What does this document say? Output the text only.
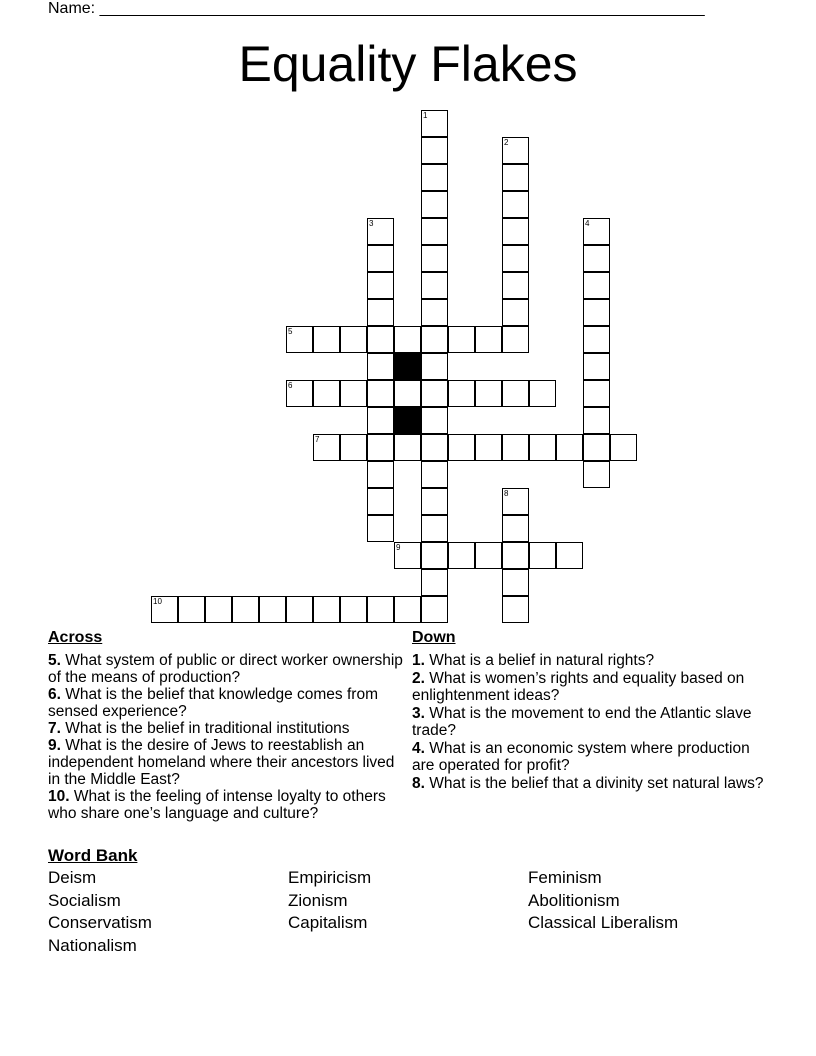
Name: ____________________________________________________________________
Equality Flakes
1
2
3	4
8
5
6
7
9
10
Across

5. What system of public or direct worker ownership of the means of production?

6. What is the belief that knowledge comes from sensed experience?

7. What is the belief in traditional institutions

9. What is the desire of Jews to reestablish an independent homeland where their ancestors lived in the Middle East?

10. What is the feeling of intense loyalty to others who share one’s language and culture?

Down

1. What is a belief in natural rights?

2. What is women’s rights and equality based on enlightenment ideas?

3. What is the movement to end the Atlantic slave trade?

4. What is an economic system where production are operated for profit?

8. What is the belief that a divinity set natural laws?

Word Bank
Deism	Empiricism	Feminism
Socialism	Zionism	Abolitionism
Conservatism	Capitalism	Classical Liberalism
Nationalism
